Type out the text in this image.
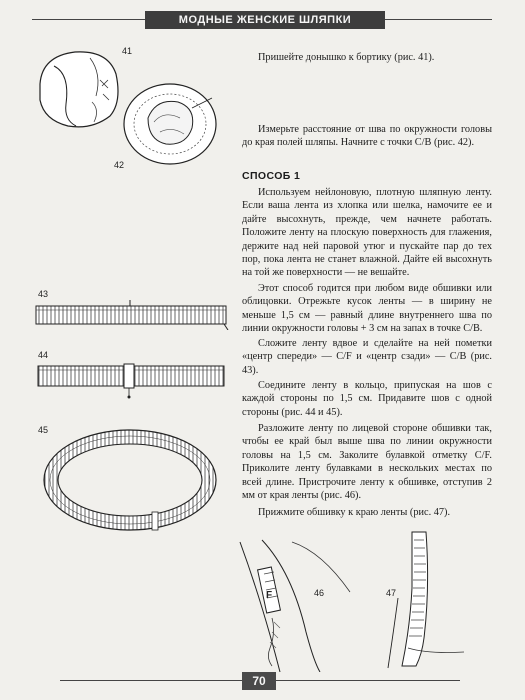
МОДНЫЕ ЖЕНСКИЕ ШЛЯПКИ
41
42

Пришейте донышко к бортику (рис. 41).

Измерьте расстояние от шва по окружности головы до края полей шляпы. Начните с точки C/B (рис. 42).

СПОСОБ 1

Используем нейлоновую, плотную шляпную ленту. Если ваша лента из хлопка или шелка, намочите ее и дайте высохнуть, прежде, чем начнете работать. Положите ленту на плоскую поверхность для глажения, держите над ней паровой утюг и пускайте пар до тех пор, пока лента не станет влажной. Дайте ей высохнуть на той же поверхности — не вешайте.

Этот способ годится при любом виде обшивки или облицовки. Отрежьте кусок ленты — в ширину не меньше 1,5 см — равный длине внутреннего шва по линии окружности головы + 3 см на запах в точке C/B.

Сложите ленту вдвое и сделайте на ней пометки «центр спереди» — C/F и «центр сзади» — C/B (рис. 43).

Соедините ленту в кольцо, припуская на шов с каждой стороны по 1,5 см. Придавите шов с одной стороны (рис. 44 и 45).

Разложите ленту по лицевой стороне обшивки так, чтобы ее край был выше шва по линии окружности головы на 1,5 см. Заколите булавкой отметку C/F. Приколите ленту булавками в нескольких местах по всей длине. Пристрочите ленту к обшивке, отступив 2 мм от края ленты (рис. 46).

Прижмите обшивку к краю ленты (рис. 47).

43
44
45
F	46	47
70
